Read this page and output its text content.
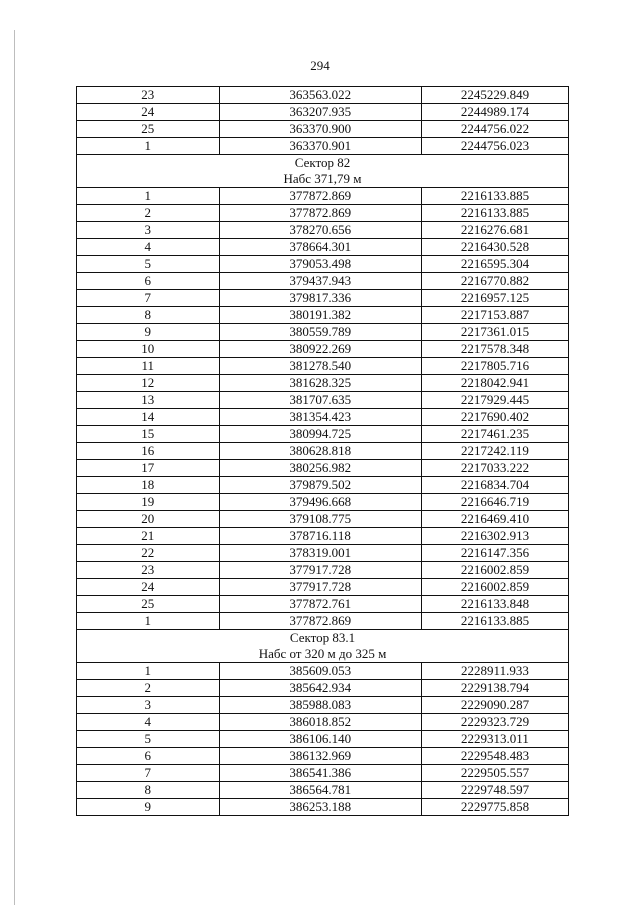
294
23	363563.022	2245229.849
24	363207.935	2244989.174
25	363370.900	2244756.022
1	363370.901	2244756.023

Сектор 82
Набс 371,79 м		

1	377872.869	2216133.885
2	377872.869	2216133.885
3	378270.656	2216276.681
4	378664.301	2216430.528
5	379053.498	2216595.304
6	379437.943	2216770.882
7	379817.336	2216957.125
8	380191.382	2217153.887
9	380559.789	2217361.015
10	380922.269	2217578.348
11	381278.540	2217805.716
12	381628.325	2218042.941
13	381707.635	2217929.445
14	381354.423	2217690.402
15	380994.725	2217461.235
16	380628.818	2217242.119
17	380256.982	2217033.222
18	379879.502	2216834.704
19	379496.668	2216646.719
20	379108.775	2216469.410
21	378716.118	2216302.913
22	378319.001	2216147.356
23	377917.728	2216002.859
24	377917.728	2216002.859
25	377872.761	2216133.848
1	377872.869	2216133.885

Сектор 83.1
Набс от 320 м до 325 м		

1	385609.053	2228911.933
2	385642.934	2229138.794
3	385988.083	2229090.287
4	386018.852	2229323.729
5	386106.140	2229313.011
6	386132.969	2229548.483
7	386541.386	2229505.557
8	386564.781	2229748.597
9	386253.188	2229775.858
